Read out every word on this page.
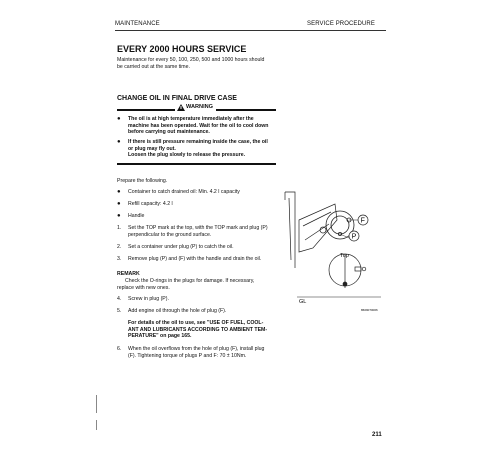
MAINTENANCE	SERVICE PROCEDURE
EVERY 2000 HOURS SERVICE
Maintenance for every 50, 100, 250, 500 and 1000 hours should
be carried out at the same time.
CHANGE OIL IN FINAL DRIVE CASE
WARNING
● The oil is at high temperature immediately after the
machine has been operated. Wait for the oil to cool down
before carrying out maintenance.
● If there is still pressure remaining inside the case, the oil
or plug may fly out.
Loosen the plug slowly to release the pressure.
Prepare the following.
● Container to catch drained oil: Min. 4.2 l capacity
● Refill capacity: 4.2 l
● Handle
1. Set the TOP mark at the top, with the TOP mark and plug (P)
perpendicular to the ground surface.
2. Set a container under plug (P) to catch the oil.
3. Remove plug (P) and (F) with the handle and drain the oil.
REMARK
Check the O-rings in the plugs for damage. If necessary,
replace with new ones.
4. Screw in plug (P).
5. Add engine oil through the hole of plug (F).
For details of the oil to use, see "USE OF FUEL, COOL-
ANT AND LUBRICANTS ACCORDING TO AMBIENT TEM-
PERATURE" on page 165.
6. When the oil overflows from the hole of plug (F), install plug
(F). Tightening torque of plugs P and F: 70 ± 10Nm.
F
P
Top
GL
8609070006
211
